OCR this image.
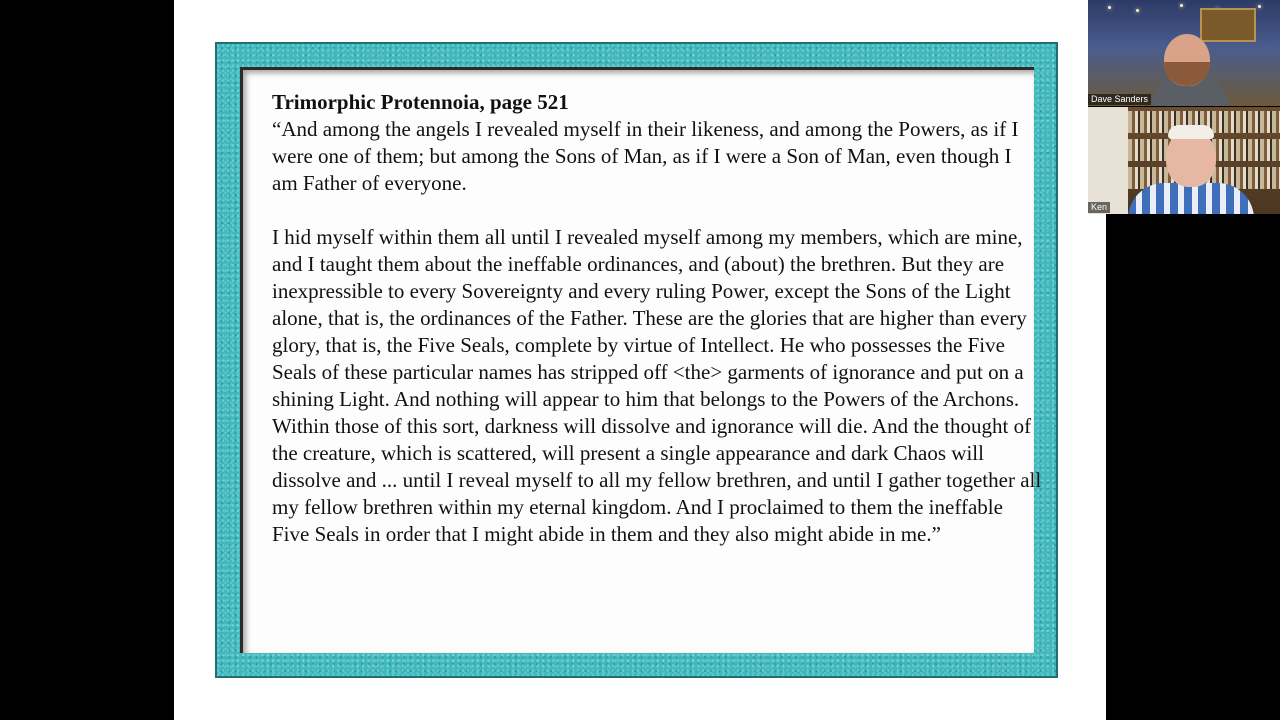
Trimorphic Protennoia, page 521

“And among the angels I revealed myself in their likeness, and among the Powers, as if I were one of them; but among the Sons of Man, as if I were a Son of Man, even though I am Father of everyone.

I hid myself within them all until I revealed myself among my members, which are mine, and I taught them about the ineffable ordinances, and (about) the brethren. But they are inexpressible to every Sovereignty and every ruling Power, except the Sons of the Light alone, that is, the ordinances of the Father. These are the glories that are higher than every glory, that is, the Five Seals, complete by virtue of Intellect. He who possesses the Five Seals of these particular names has stripped off <the> garments of ignorance and put on a shining Light. And nothing will appear to him that belongs to the Powers of the Archons. Within those of this sort, darkness will dissolve and ignorance will die. And the thought of the creature, which is scattered, will present a single appearance and dark Chaos will dissolve and ... until I reveal myself to all my fellow brethren, and until I gather together all my fellow brethren within my eternal kingdom. And I proclaimed to them the ineffable Five Seals in order that I might abide in them and they also might abide in me.”

Dave Sanders
Ken
